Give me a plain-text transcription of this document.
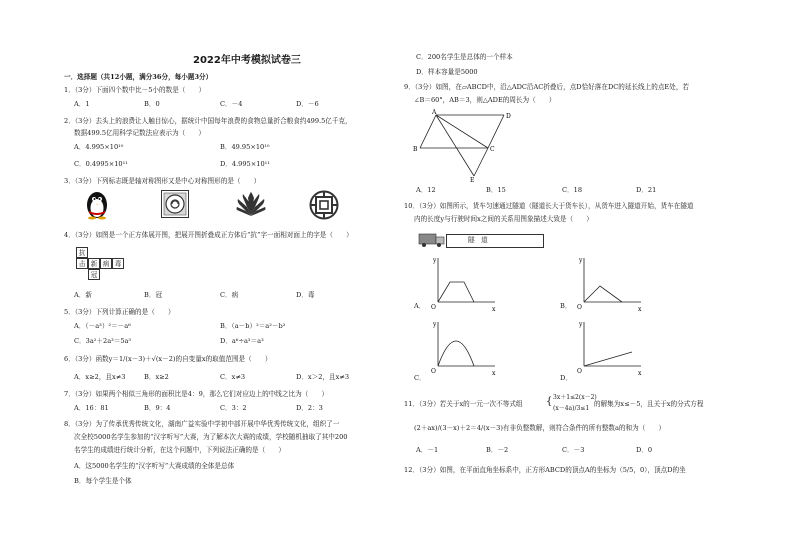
2022年中考模拟试卷三
一．选择题（共12小题，满分36分，每小题3分）
1．（3分）下面四个数中比－5小的数是（　　）
A．1	B．0	C．－4	D．－6
2．（3分）去头上的浪费让人触目惊心，据统计中国每年浪费的食物总量折合粮食约499.5亿千克，
数据499.5亿用科学记数法应表示为（　　）
A．4.995×10¹⁰	B．49.95×10¹⁰
C．0.4995×10¹¹	D．4.995×10¹¹
3．（3分）下列标志既是轴对称图形又是中心对称图形的是（　　）
4．（3分）如图是一个正方体展开图，把展开图折叠成正方体后“抗”字一面相对面上的字是（　　）
抗
击 新 病 毒
冠
A．新	B．冠	C．病	D．毒
5．（3分）下列计算正确的是（　　）
A．（－a³）²＝－a⁶	B．（a－b）²＝a²－b²
C．3a²＋2a³＝5a⁵	D．a⁶÷a³＝a³
6．（3分）函数y＝1/(x－3)＋√(x－2)的自变量x的取值范围是（　　）
A．x≥2，且x≠3	B．x≥2	C．x≠3	D．x＞2，且x≠3
7．（3分）如果两个相似三角形的面积比是4：9，那么它们对应边上的中线之比为（　　）
A．16：81	B．9：4	C．3：2	D．2：3
8．（3分）为了传承优秀传统文化，湖南广益实验中学初中部开展中华优秀传统文化，组织了一
次全校5000名学生参加的“汉字听写”大赛，为了解本次大赛的成绩，学校随机抽取了其中200
名学生的成绩进行统计分析，在这个问题中，下列说法正确的是（　　）
A．这5000名学生的“汉字听写”大赛成绩的全体是总体
B．每个学生是个体
C．200名学生是总体的一个样本
D．样本容量是5000
9．（3分）如图，在▱ABCD中，沿△ADC沿AC折叠后，点D恰好落在DC的延长线上的点E处，若
∠B＝60°，AB＝3，则△ADE的周长为（　　）
A
D
B	C
E
A．12	B．15	C．18	D．21
10．（3分）如图所示，货车匀速通过隧道（隧道长大于货车长），从货车进入隧道开始，货车在隧道
内的长度y与行驶时间x之间的关系用图象描述大致是（　　）
隧　道
y
x
O
A．
y
x
O
B．
y
x
O
C．
y
x
O
D．
11．（3分）若关于x的一元一次不等式组 { 3x＋1≤2(x－2)
(x－4a)/3≤1
的解集为x≤－5，且关于x的分式方程
(2＋ax)/(3－x)＋2＝4/(x－3)有非负整数解，则符合条件的所有整数a的和为（　　）
A．－1	B．－2	C．－3	D．0
12．（3分）如图，在平面直角坐标系中，正方形ABCD的顶点A的坐标为（5/5，0），顶点D的坐
